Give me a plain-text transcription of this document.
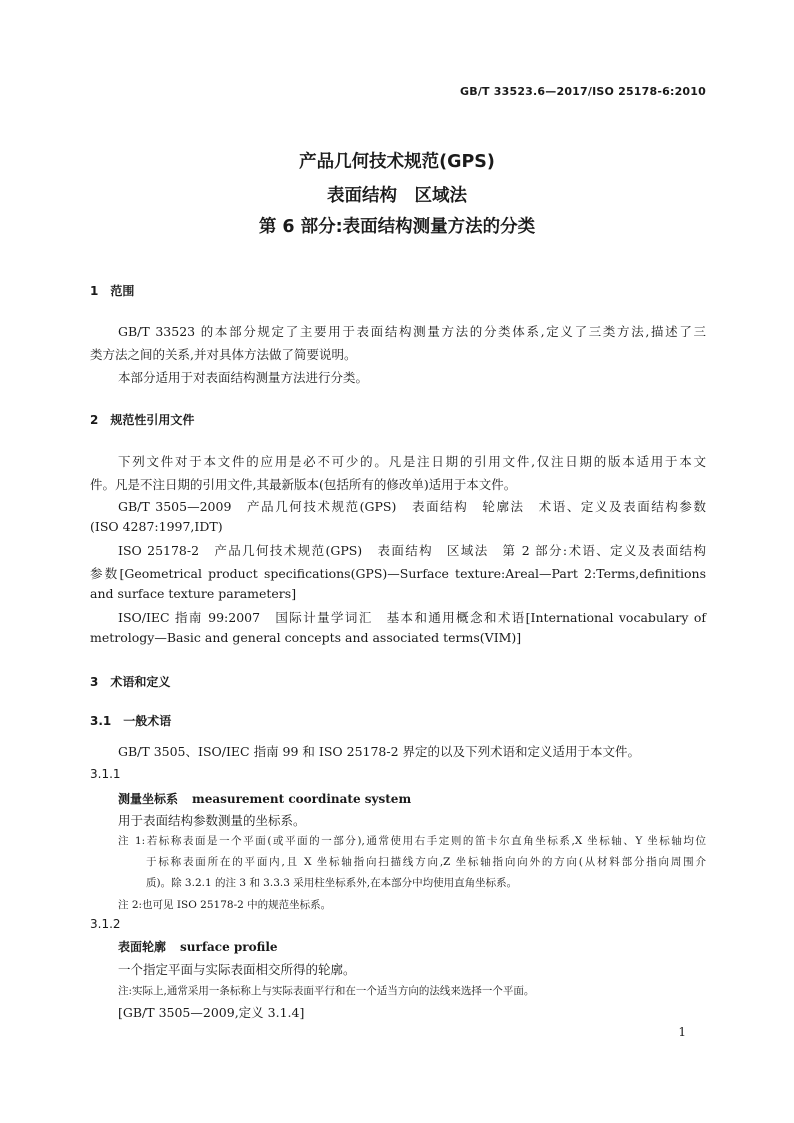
GB/T 33523.6—2017/ISO 25178-6:2010
产品几何技术规范(GPS)
表面结构　区域法
第 6 部分:表面结构测量方法的分类
1　范围
GB/T 33523 的本部分规定了主要用于表面结构测量方法的分类体系,定义了三类方法,描述了三
类方法之间的关系,并对具体方法做了简要说明。
本部分适用于对表面结构测量方法进行分类。
2　规范性引用文件
下列文件对于本文件的应用是必不可少的。凡是注日期的引用文件,仅注日期的版本适用于本文
件。凡是不注日期的引用文件,其最新版本(包括所有的修改单)适用于本文件。
GB/T 3505—2009　产品几何技术规范(GPS)　表面结构　轮廓法　术语、定义及表面结构参数
(ISO 4287:1997,IDT)
ISO 25178-2　产品几何技术规范(GPS)　表面结构　区域法　第 2 部分:术语、定义及表面结构
参数[Geometrical product specifications(GPS)—Surface texture:Areal—Part 2:Terms,definitions
and surface texture parameters]
ISO/IEC 指南 99:2007　国际计量学词汇　基本和通用概念和术语[International vocabulary of
metrology—Basic and general concepts and associated terms(VIM)]
3　术语和定义
3.1　一般术语
GB/T 3505、ISO/IEC 指南 99 和 ISO 25178-2 界定的以及下列术语和定义适用于本文件。
3.1.1
测量坐标系 measurement coordinate system
用于表面结构参数测量的坐标系。
注 1:若标称表面是一个平面(或平面的一部分),通常使用右手定则的笛卡尔直角坐标系,X 坐标轴、Y 坐标轴均位
于标称表面所在的平面内,且 X 坐标轴指向扫描线方向,Z 坐标轴指向向外的方向(从材料部分指向周围介
质)。除 3.2.1 的注 3 和 3.3.3 采用柱坐标系外,在本部分中均使用直角坐标系。
注 2:也可见 ISO 25178-2 中的规范坐标系。
3.1.2
表面轮廓 surface profile
一个指定平面与实际表面相交所得的轮廓。
注:实际上,通常采用一条标称上与实际表面平行和在一个适当方向的法线来选择一个平面。
[GB/T 3505—2009,定义 3.1.4]
1
